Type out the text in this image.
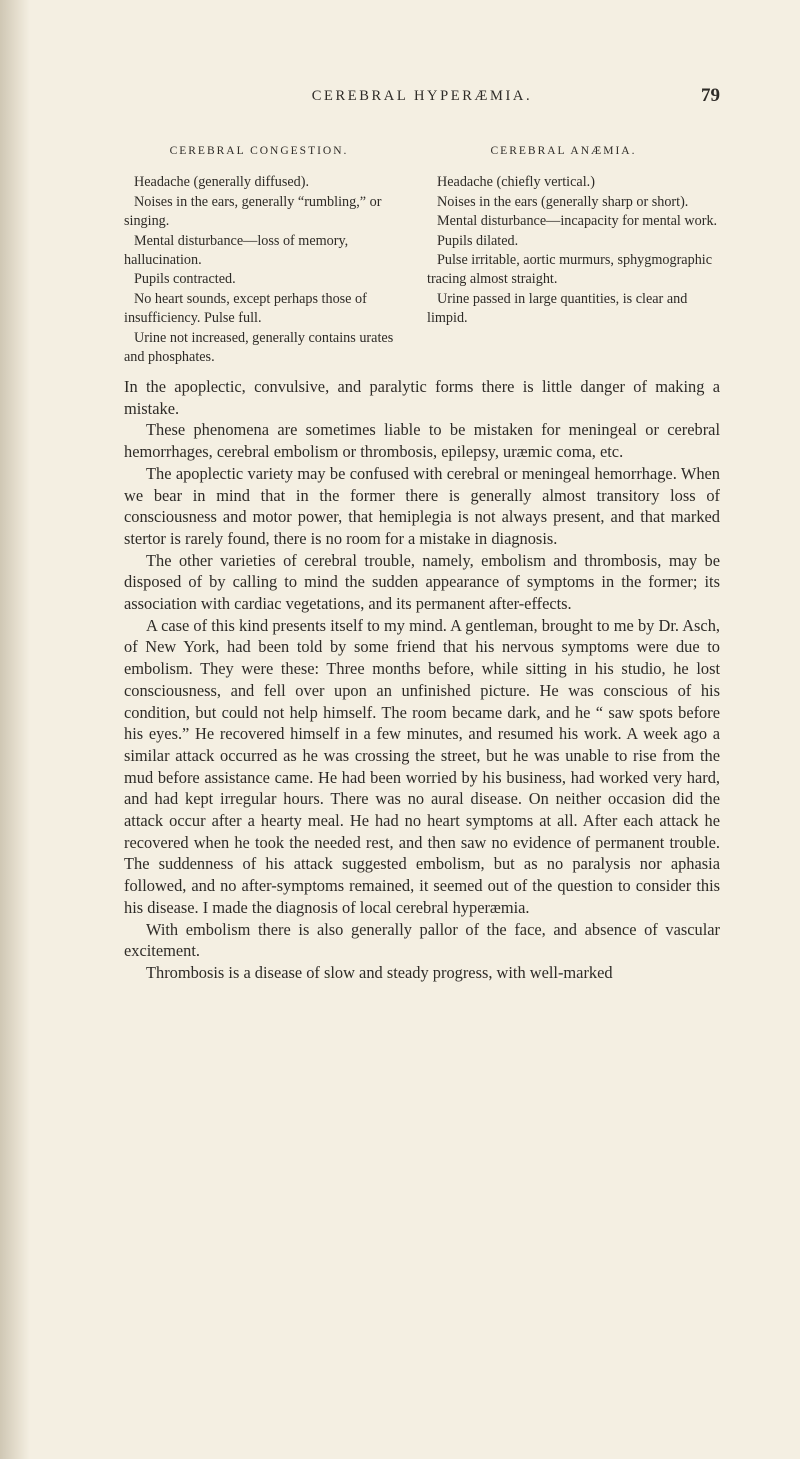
CEREBRAL HYPERÆMIA.	79
CEREBRAL CONGESTION.

Headache (generally diffused).

Noises in the ears, generally “rumbling,” or singing.

Mental disturbance—loss of memory, hallucination.

Pupils contracted.

No heart sounds, except perhaps those of insufficiency. Pulse full.

Urine not increased, generally contains urates and phosphates.

CEREBRAL ANÆMIA.

Headache (chiefly vertical.)

Noises in the ears (generally sharp or short).

Mental disturbance—incapacity for mental work.

Pupils dilated.

Pulse irritable, aortic murmurs, sphygmographic tracing almost straight.

Urine passed in large quantities, is clear and limpid.

In the apoplectic, convulsive, and paralytic forms there is little danger of making a mistake.

These phenomena are sometimes liable to be mistaken for meningeal or cerebral hemorrhages, cerebral embolism or thrombosis, epilepsy, uræmic coma, etc.

The apoplectic variety may be confused with cerebral or meningeal hemorrhage. When we bear in mind that in the former there is generally almost transitory loss of consciousness and motor power, that hemiplegia is not always present, and that marked stertor is rarely found, there is no room for a mistake in diagnosis.

The other varieties of cerebral trouble, namely, embolism and thrombosis, may be disposed of by calling to mind the sudden appearance of symptoms in the former; its association with cardiac vegetations, and its permanent after-effects.

A case of this kind presents itself to my mind. A gentleman, brought to me by Dr. Asch, of New York, had been told by some friend that his nervous symptoms were due to embolism. They were these: Three months before, while sitting in his studio, he lost consciousness, and fell over upon an unfinished picture. He was conscious of his condition, but could not help himself. The room became dark, and he “ saw spots before his eyes.” He recovered himself in a few minutes, and resumed his work. A week ago a similar attack occurred as he was crossing the street, but he was unable to rise from the mud before assistance came. He had been worried by his business, had worked very hard, and had kept irregular hours. There was no aural disease. On neither occasion did the attack occur after a hearty meal. He had no heart symptoms at all. After each attack he recovered when he took the needed rest, and then saw no evidence of permanent trouble. The suddenness of his attack suggested embolism, but as no paralysis nor aphasia followed, and no after-symptoms remained, it seemed out of the question to consider this his disease. I made the diagnosis of local cerebral hyperæmia.

With embolism there is also generally pallor of the face, and absence of vascular excitement.

Thrombosis is a disease of slow and steady progress, with well-marked
